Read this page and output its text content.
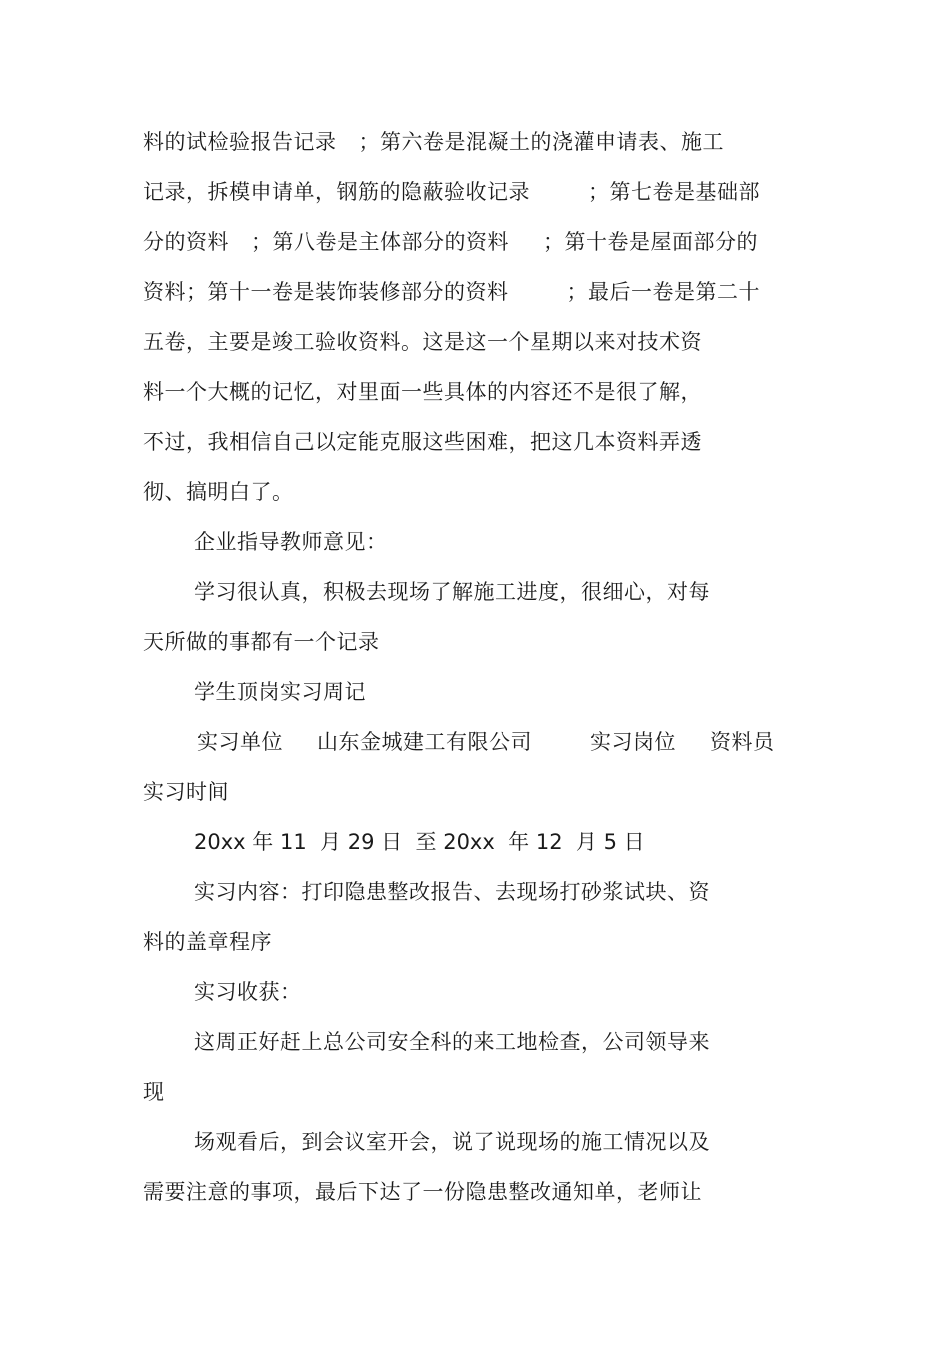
料的试检验报告记录 ；第六卷是混凝土的浇灌申请表、施工
记录，拆模申请单，钢筋的隐蔽验收记录	；第七卷是基础部
分的资料 ；第八卷是主体部分的资料 ；第十卷是屋面部分的
资料；第十一卷是装饰装修部分的资料	；最后一卷是第二十
五卷，主要是竣工验收资料。这是这一个星期以来对技术资
料一个大概的记忆，对里面一些具体的内容还不是很了解，
不过，我相信自己以定能克服这些困难，把这几本资料弄透
彻、搞明白了。
企业指导教师意见：
学习很认真，积极去现场了解施工进度，很细心，对每
天所做的事都有一个记录
学生顶岗实习周记
实习单位 山东金城建工有限公司	实习岗位 资料员
实习时间
20xx 年 11 月 29 日 至 20xx 年 12 月 5 日
实习内容：打印隐患整改报告、去现场打砂浆试块、资
料的盖章程序
实习收获：
这周正好赶上总公司安全科的来工地检查，公司领导来
现
场观看后，到会议室开会，说了说现场的施工情况以及
需要注意的事项，最后下达了一份隐患整改通知单，老师让
